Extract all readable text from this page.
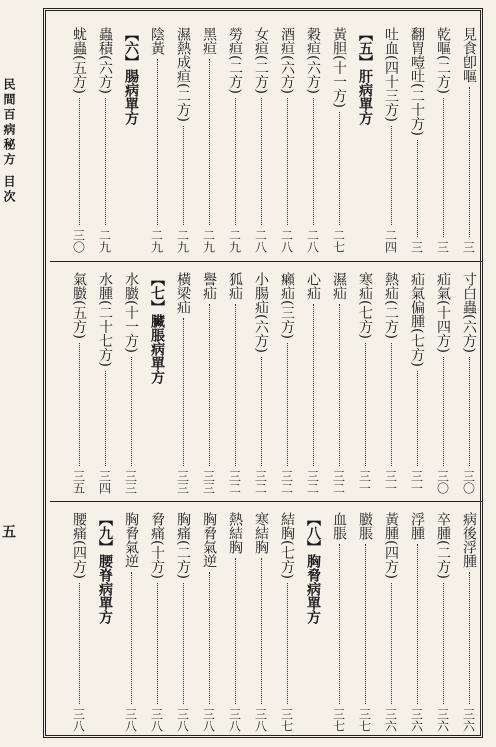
民間百病秘方 目次
五
見食卽嘔
三
乾嘔(二方)
三
翻胃噎吐(二十方)
三
吐血(四十三方)
二四
【五】肝病單方
黃胆(十一方)
二七
穀疸(六方)
二八
酒疸(六方)
二八
女疸(二方)
二八
勞疸(二方)
二九
黑疸
二九
濕熱成疸(二方)
二九
陰黃
二九
【六】腸病單方
蟲積(六方)
二九
蚘蟲(五方)
三〇
寸白蟲(六方)
三〇
疝氣(十四方)
三〇
疝氣偏腫(七方)
三一
熱疝(二方)
三一
寒疝(七方)
三一
濕疝
三二
心疝
三二
癩疝(三方)
三二
小腸疝(六方)
三二
狐疝
三二
譽疝
三三
橫梁疝
三三
【七】臟脹病單方
水臌(十一方)
三三
水腫(二十七方)
三四
氣臌(五方)
三五
病後浮腫
三六
卒腫(二方)
三六
浮腫
三六
黃腫(四方)
三六
臌脹
三七
血脹
三七
【八】胸脅病單方
結胸(七方)
三七
寒結胸
三八
熱結胸
三八
胸脅氣逆
三八
胸痛(二方)
三八
脅痛(十方)
三八
胸脅氣逆
三八
【九】腰脊病單方
腰痛(四方)
三八
